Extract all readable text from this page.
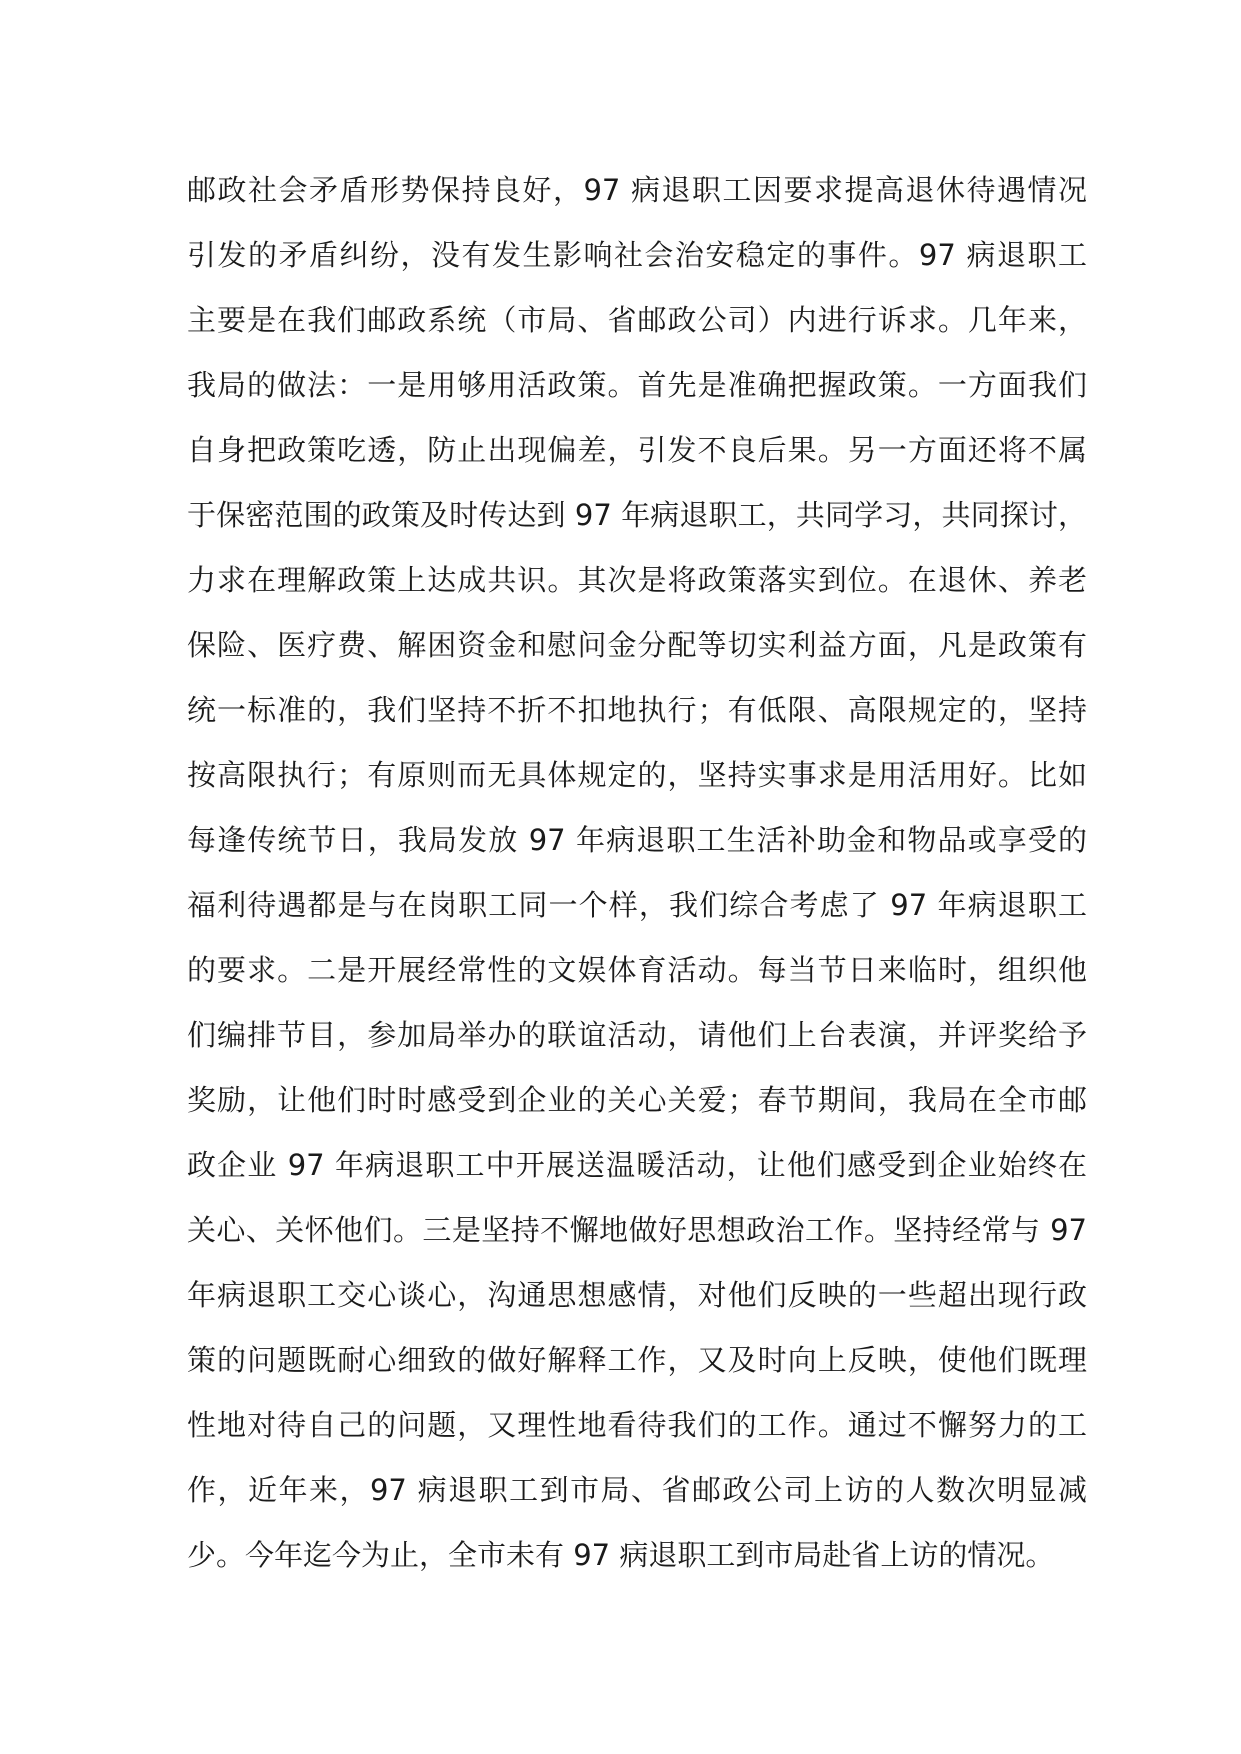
邮政社会矛盾形势保持良好，97 病退职工因要求提高退休待遇情况
引发的矛盾纠纷，没有发生影响社会治安稳定的事件。97 病退职工
主要是在我们邮政系统（市局、省邮政公司）内进行诉求。几年来，
我局的做法：一是用够用活政策。首先是准确把握政策。一方面我们
自身把政策吃透，防止出现偏差，引发不良后果。另一方面还将不属
于保密范围的政策及时传达到 97 年病退职工，共同学习，共同探讨，
力求在理解政策上达成共识。其次是将政策落实到位。在退休、养老
保险、医疗费、解困资金和慰问金分配等切实利益方面，凡是政策有
统一标准的，我们坚持不折不扣地执行；有低限、高限规定的，坚持
按高限执行；有原则而无具体规定的，坚持实事求是用活用好。比如
每逢传统节日，我局发放 97 年病退职工生活补助金和物品或享受的
福利待遇都是与在岗职工同一个样，我们综合考虑了 97 年病退职工
的要求。二是开展经常性的文娱体育活动。每当节日来临时，组织他
们编排节目，参加局举办的联谊活动，请他们上台表演，并评奖给予
奖励，让他们时时感受到企业的关心关爱；春节期间，我局在全市邮
政企业 97 年病退职工中开展送温暖活动，让他们感受到企业始终在
关心、关怀他们。三是坚持不懈地做好思想政治工作。坚持经常与 97
年病退职工交心谈心，沟通思想感情，对他们反映的一些超出现行政
策的问题既耐心细致的做好解释工作，又及时向上反映，使他们既理
性地对待自己的问题，又理性地看待我们的工作。通过不懈努力的工
作，近年来，97 病退职工到市局、省邮政公司上访的人数次明显减
少。今年迄今为止，全市未有 97 病退职工到市局赴省上访的情况。
